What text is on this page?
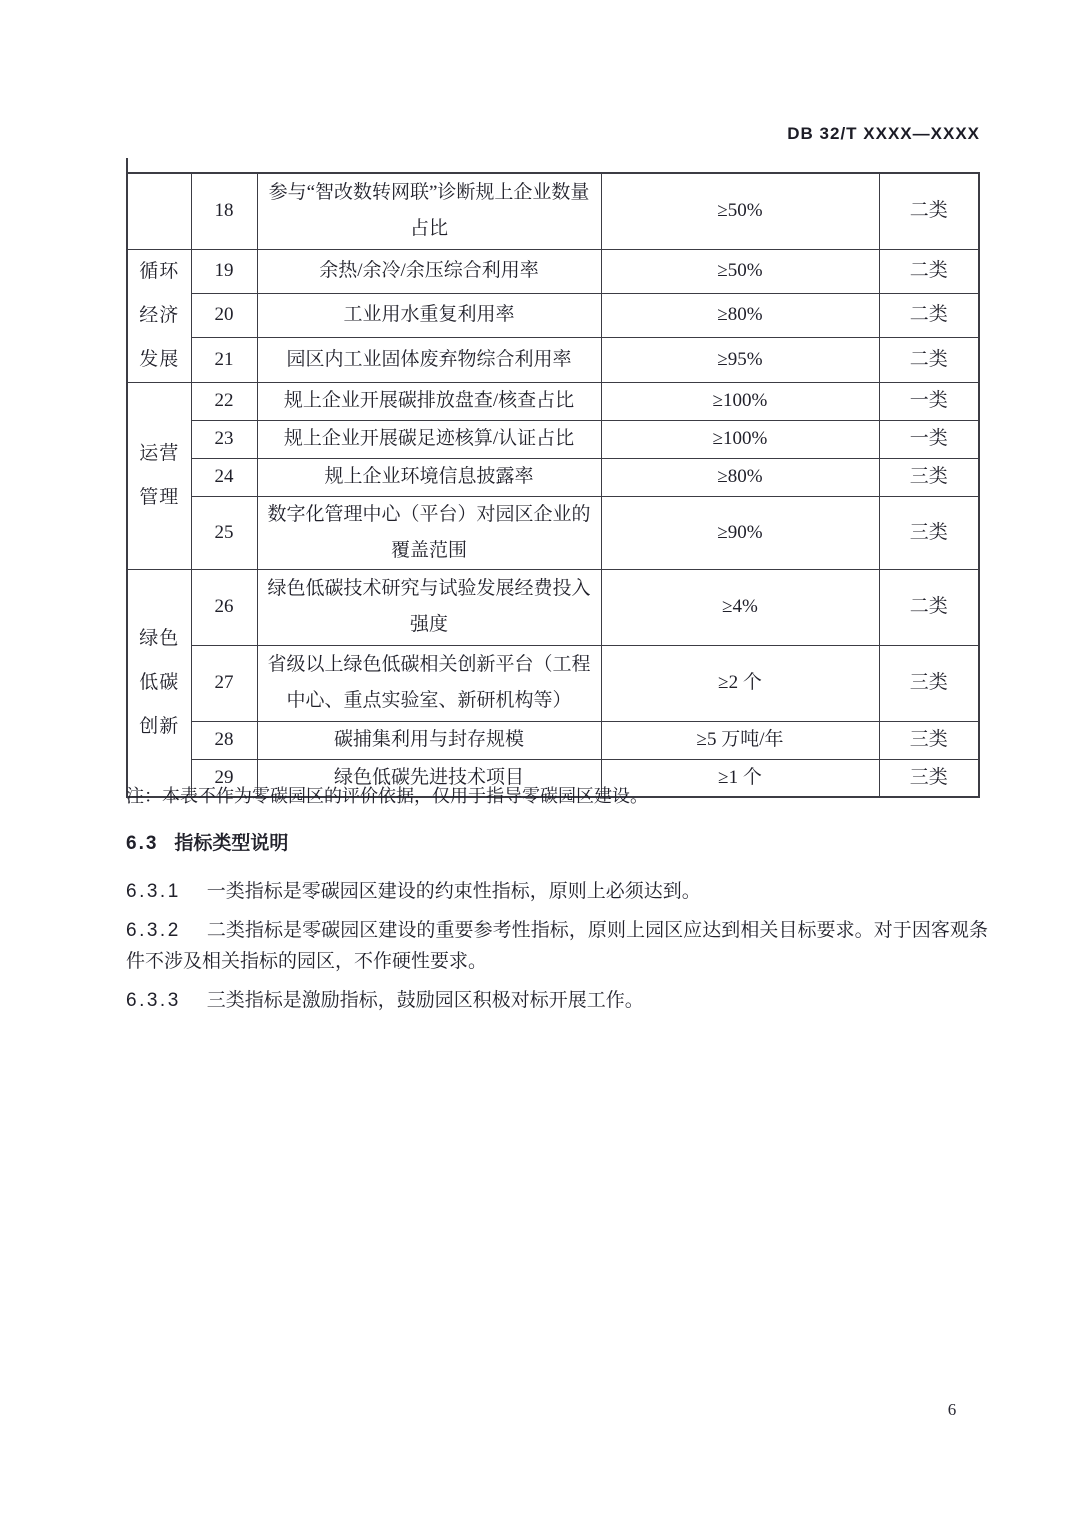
DB 32/T XXXX—XXXX
	18	参与“智改数转网联”诊断规上企业数量占比	≥50%	二类
循环经济发展	19	余热/余冷/余压综合利用率	≥50%	二类
	20	工业用水重复利用率	≥80%	二类
	21	园区内工业固体废弃物综合利用率	≥95%	二类
运营管理	22	规上企业开展碳排放盘查/核查占比	≥100%	一类
	23	规上企业开展碳足迹核算/认证占比	≥100%	一类
	24	规上企业环境信息披露率	≥80%	三类
	25	数字化管理中心（平台）对园区企业的覆盖范围	≥90%	三类
绿色低碳创新	26	绿色低碳技术研究与试验发展经费投入强度	≥4%	二类
	27	省级以上绿色低碳相关创新平台（工程中心、重点实验室、新研机构等）	≥2 个	三类
	28	碳捕集利用与封存规模	≥5 万吨/年	三类
	29	绿色低碳先进技术项目	≥1 个	三类
注：本表不作为零碳园区的评价依据，仅用于指导零碳园区建设。
6.3 指标类型说明

6.3.1 一类指标是零碳园区建设的约束性指标，原则上必须达到。

6.3.2 二类指标是零碳园区建设的重要参考性指标，原则上园区应达到相关目标要求。对于因客观条件不涉及相关指标的园区，不作硬性要求。

6.3.3 三类指标是激励指标，鼓励园区积极对标开展工作。

6
